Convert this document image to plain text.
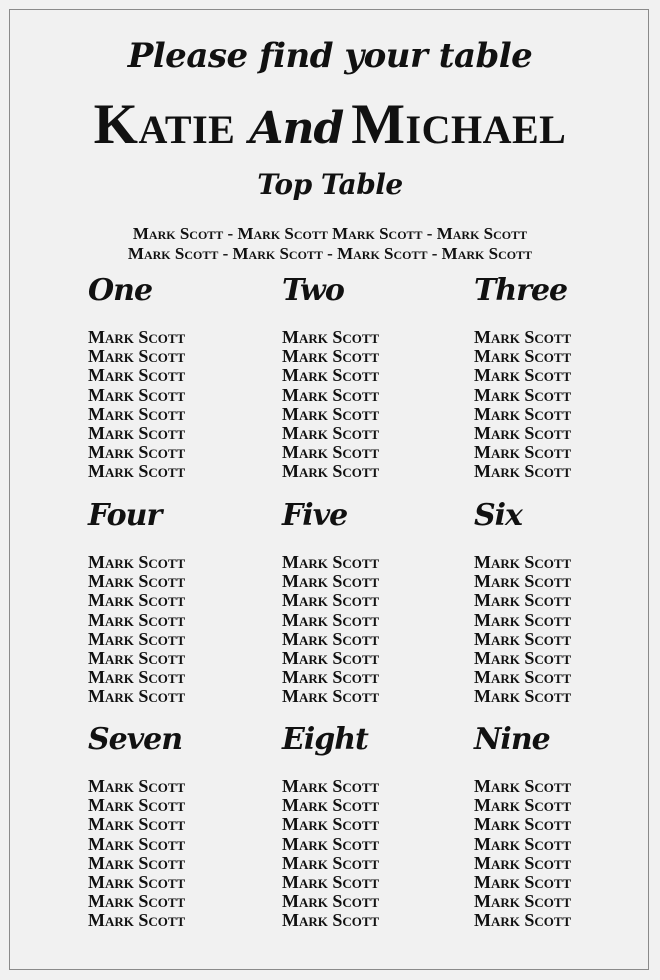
Please find your table
Katie And Michael
Top Table
Mark Scott - Mark Scott Mark Scott - Mark Scott
Mark Scott - Mark Scott - Mark Scott - Mark Scott
One
Mark Scott
Mark Scott
Mark Scott
Mark Scott
Mark Scott
Mark Scott
Mark Scott
Mark Scott
Two
Mark Scott
Mark Scott
Mark Scott
Mark Scott
Mark Scott
Mark Scott
Mark Scott
Mark Scott
Three
Mark Scott
Mark Scott
Mark Scott
Mark Scott
Mark Scott
Mark Scott
Mark Scott
Mark Scott
Four
Mark Scott
Mark Scott
Mark Scott
Mark Scott
Mark Scott
Mark Scott
Mark Scott
Mark Scott
Five
Mark Scott
Mark Scott
Mark Scott
Mark Scott
Mark Scott
Mark Scott
Mark Scott
Mark Scott
Six
Mark Scott
Mark Scott
Mark Scott
Mark Scott
Mark Scott
Mark Scott
Mark Scott
Mark Scott
Seven
Mark Scott
Mark Scott
Mark Scott
Mark Scott
Mark Scott
Mark Scott
Mark Scott
Mark Scott
Eight
Mark Scott
Mark Scott
Mark Scott
Mark Scott
Mark Scott
Mark Scott
Mark Scott
Mark Scott
Nine
Mark Scott
Mark Scott
Mark Scott
Mark Scott
Mark Scott
Mark Scott
Mark Scott
Mark Scott
